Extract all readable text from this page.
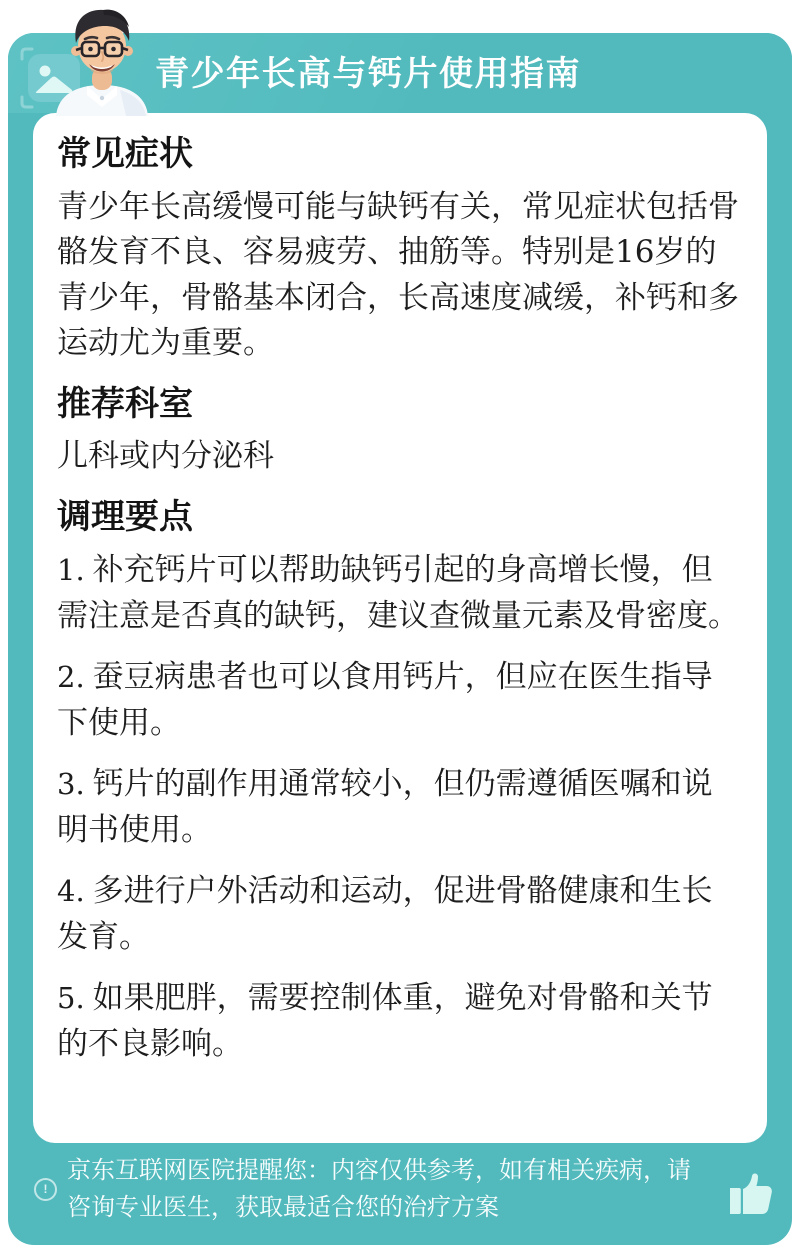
青少年长高与钙片使用指南
常见症状

青少年长高缓慢可能与缺钙有关，常见症状包括骨骼发育不良、容易疲劳、抽筋等。特别是16岁的青少年，骨骼基本闭合，长高速度减缓，补钙和多运动尤为重要。

推荐科室

儿科或内分泌科

调理要点

1. 补充钙片可以帮助缺钙引起的身高增长慢，但需注意是否真的缺钙，建议查微量元素及骨密度。

2. 蚕豆病患者也可以食用钙片，但应在医生指导下使用。

3. 钙片的副作用通常较小，但仍需遵循医嘱和说明书使用。

4. 多进行户外活动和运动，促进骨骼健康和生长发育。

5. 如果肥胖，需要控制体重，避免对骨骼和关节的不良影响。

!

京东互联网医院提醒您：内容仅供参考，如有相关疾病，请咨询专业医生，获取最适合您的治疗方案
